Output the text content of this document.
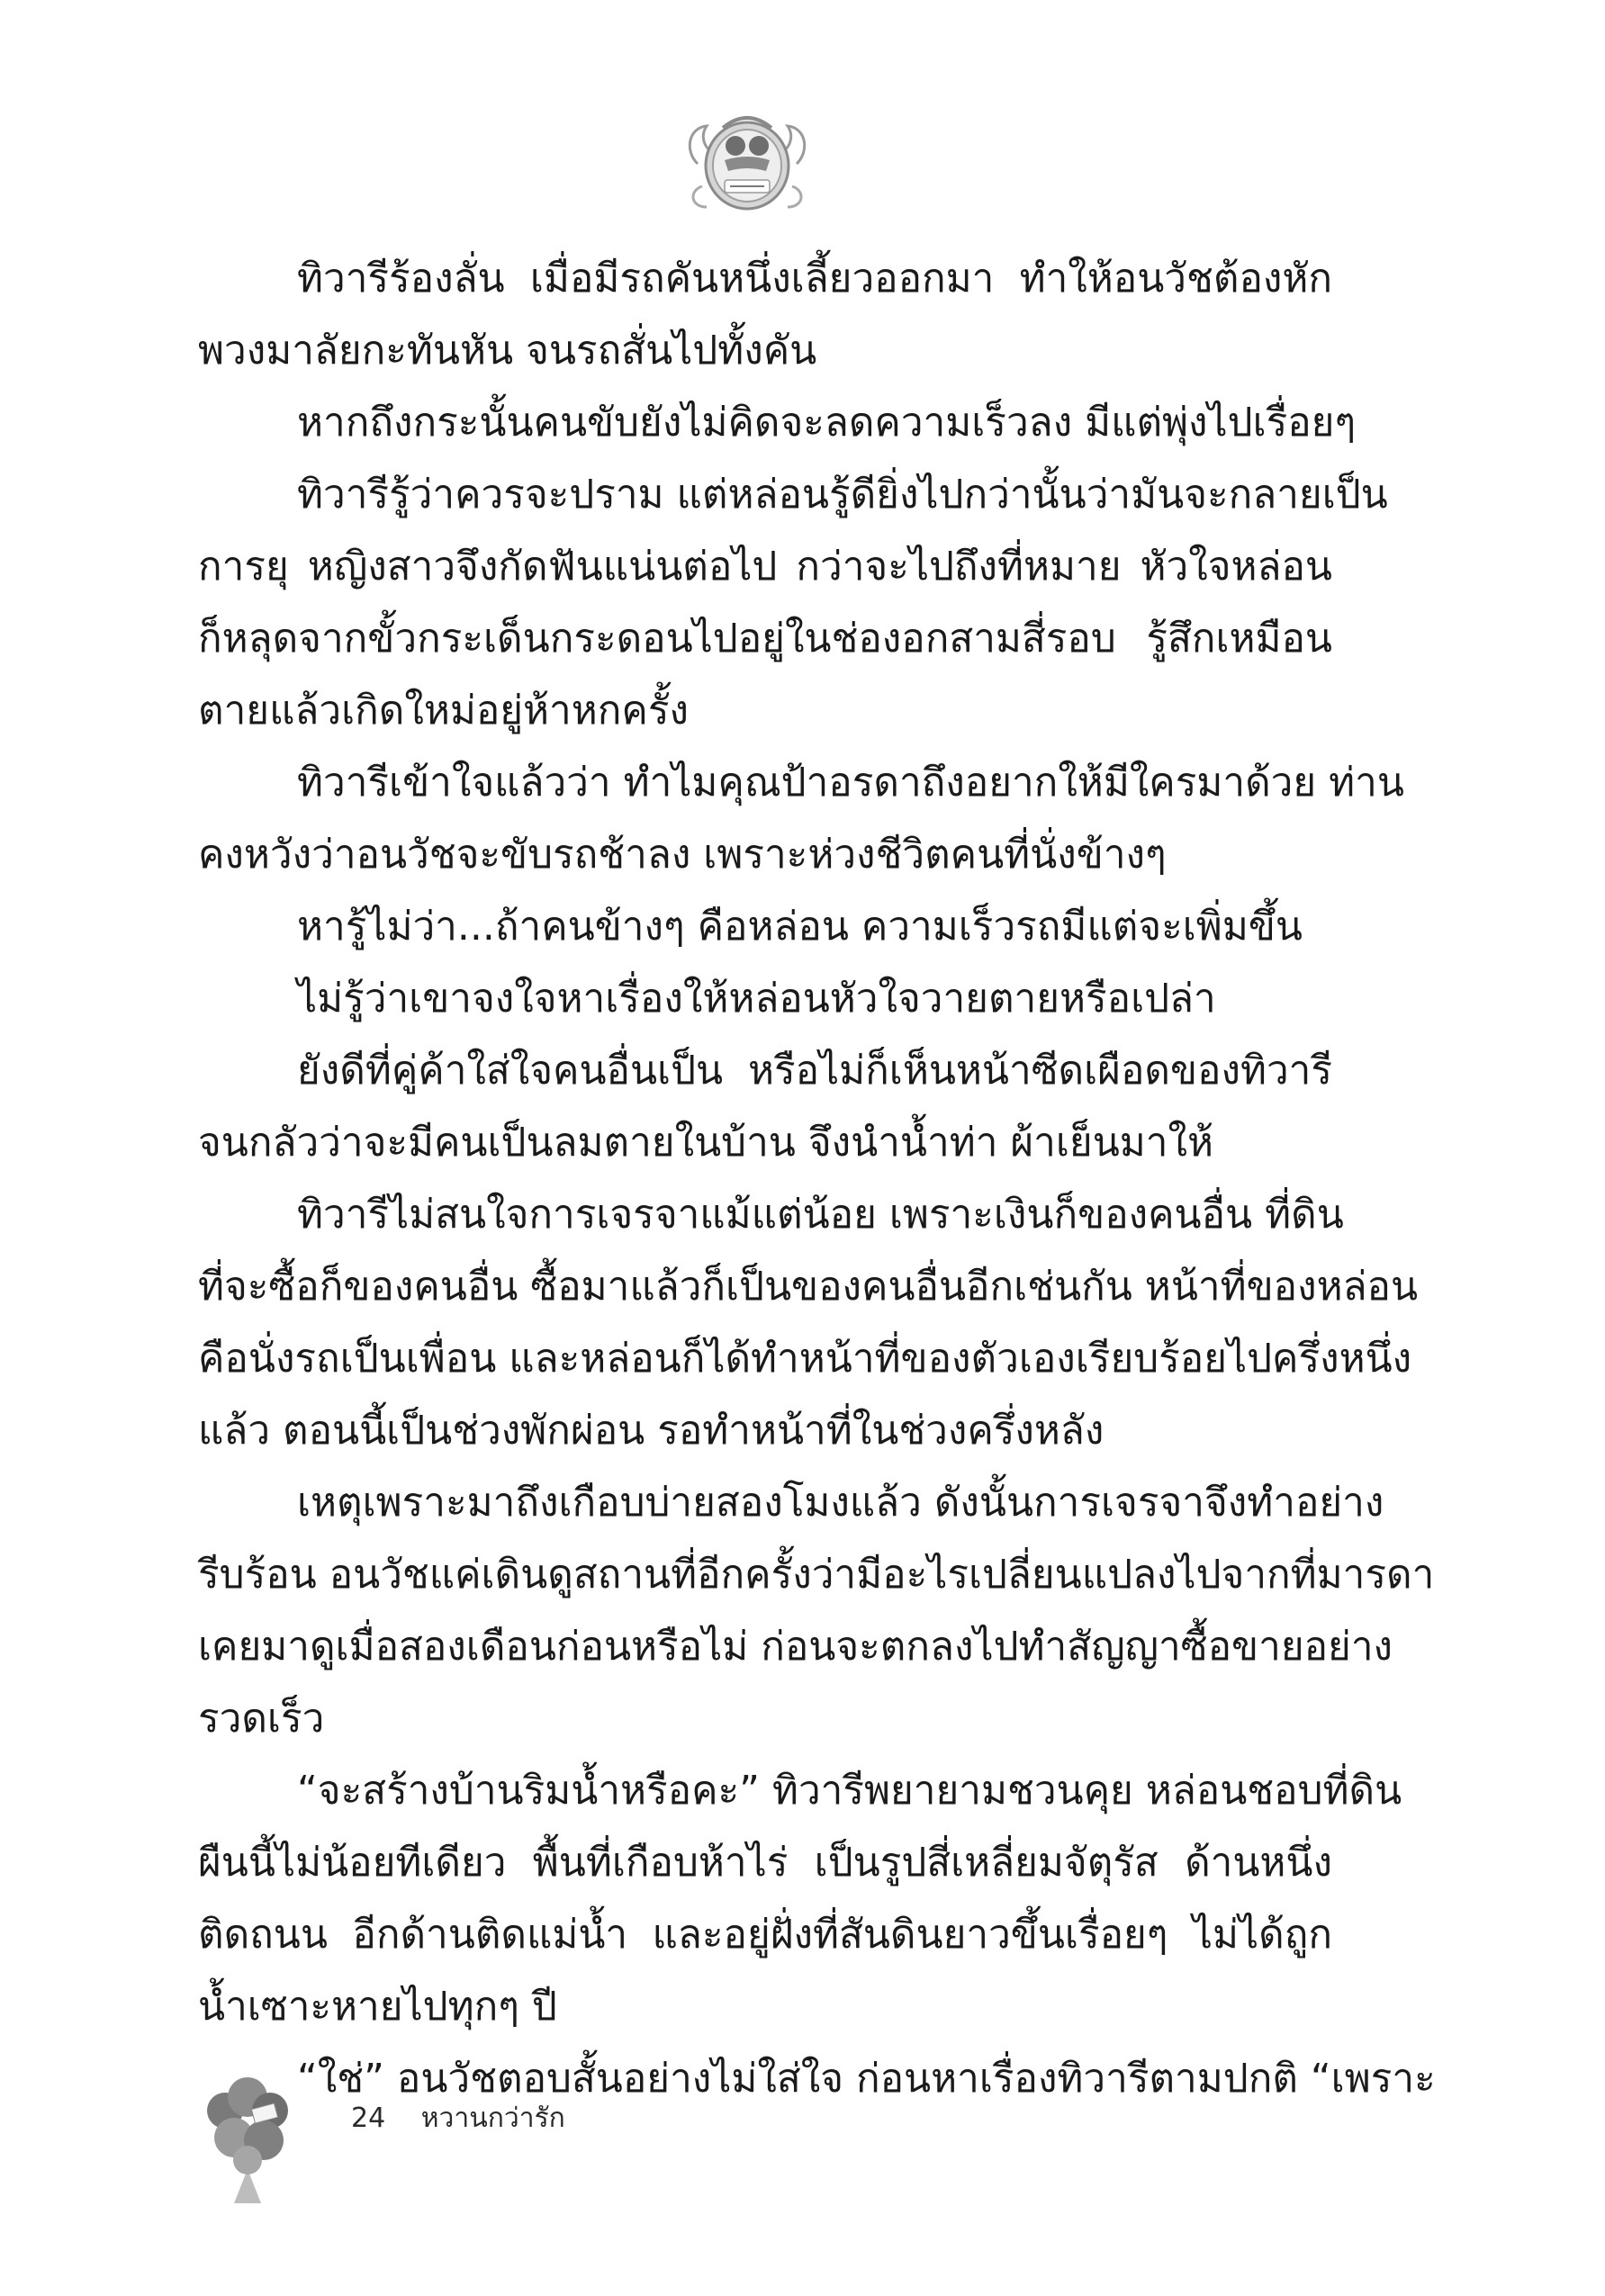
ทิวารีร้องลั่น เมื่อมีรถคันหนึ่งเลี้ยวออกมา ทำให้อนวัชต้องหัก
พวงมาลัยกะทันหัน จนรถสั่นไปทั้งคัน
หากถึงกระนั้นคนขับยังไม่คิดจะลดความเร็วลง มีแต่พุ่งไปเรื่อยๆ
ทิวารีรู้ว่าควรจะปราม แต่หล่อนรู้ดียิ่งไปกว่านั้นว่ามันจะกลายเป็น
การยุ หญิงสาวจึงกัดฟันแน่นต่อไป กว่าจะไปถึงที่หมาย หัวใจหล่อน
ก็หลุดจากขั้วกระเด็นกระดอนไปอยู่ในช่องอกสามสี่รอบ รู้สึกเหมือน
ตายแล้วเกิดใหม่อยู่ห้าหกครั้ง
ทิวารีเข้าใจแล้วว่า ทำไมคุณป้าอรดาถึงอยากให้มีใครมาด้วย ท่าน
คงหวังว่าอนวัชจะขับรถช้าลง เพราะห่วงชีวิตคนที่นั่งข้างๆ
หารู้ไม่ว่า...ถ้าคนข้างๆ คือหล่อน ความเร็วรถมีแต่จะเพิ่มขึ้น
ไม่รู้ว่าเขาจงใจหาเรื่องให้หล่อนหัวใจวายตายหรือเปล่า
ยังดีที่คู่ค้าใส่ใจคนอื่นเป็น หรือไม่ก็เห็นหน้าซีดเผือดของทิวารี
จนกลัวว่าจะมีคนเป็นลมตายในบ้าน จึงนำน้ำท่า ผ้าเย็นมาให้
ทิวารีไม่สนใจการเจรจาแม้แต่น้อย เพราะเงินก็ของคนอื่น ที่ดิน
ที่จะซื้อก็ของคนอื่น ซื้อมาแล้วก็เป็นของคนอื่นอีกเช่นกัน หน้าที่ของหล่อน
คือนั่งรถเป็นเพื่อน และหล่อนก็ได้ทำหน้าที่ของตัวเองเรียบร้อยไปครึ่งหนึ่ง
แล้ว ตอนนี้เป็นช่วงพักผ่อน รอทำหน้าที่ในช่วงครึ่งหลัง
เหตุเพราะมาถึงเกือบบ่ายสองโมงแล้ว ดังนั้นการเจรจาจึงทำอย่าง
รีบร้อน อนวัชแค่เดินดูสถานที่อีกครั้งว่ามีอะไรเปลี่ยนแปลงไปจากที่มารดา
เคยมาดูเมื่อสองเดือนก่อนหรือไม่ ก่อนจะตกลงไปทำสัญญาซื้อขายอย่าง
รวดเร็ว
“จะสร้างบ้านริมน้ำหรือคะ” ทิวารีพยายามชวนคุย หล่อนชอบที่ดิน
ผืนนี้ไม่น้อยทีเดียว พื้นที่เกือบห้าไร่ เป็นรูปสี่เหลี่ยมจัตุรัส ด้านหนึ่ง
ติดถนน อีกด้านติดแม่น้ำ และอยู่ฝั่งที่สันดินยาวขึ้นเรื่อยๆ ไม่ได้ถูก
น้ำเซาะหายไปทุกๆ ปี
“ใช่” อนวัชตอบสั้นอย่างไม่ใส่ใจ ก่อนหาเรื่องทิวารีตามปกติ “เพราะ
24 หวานกว่ารัก
